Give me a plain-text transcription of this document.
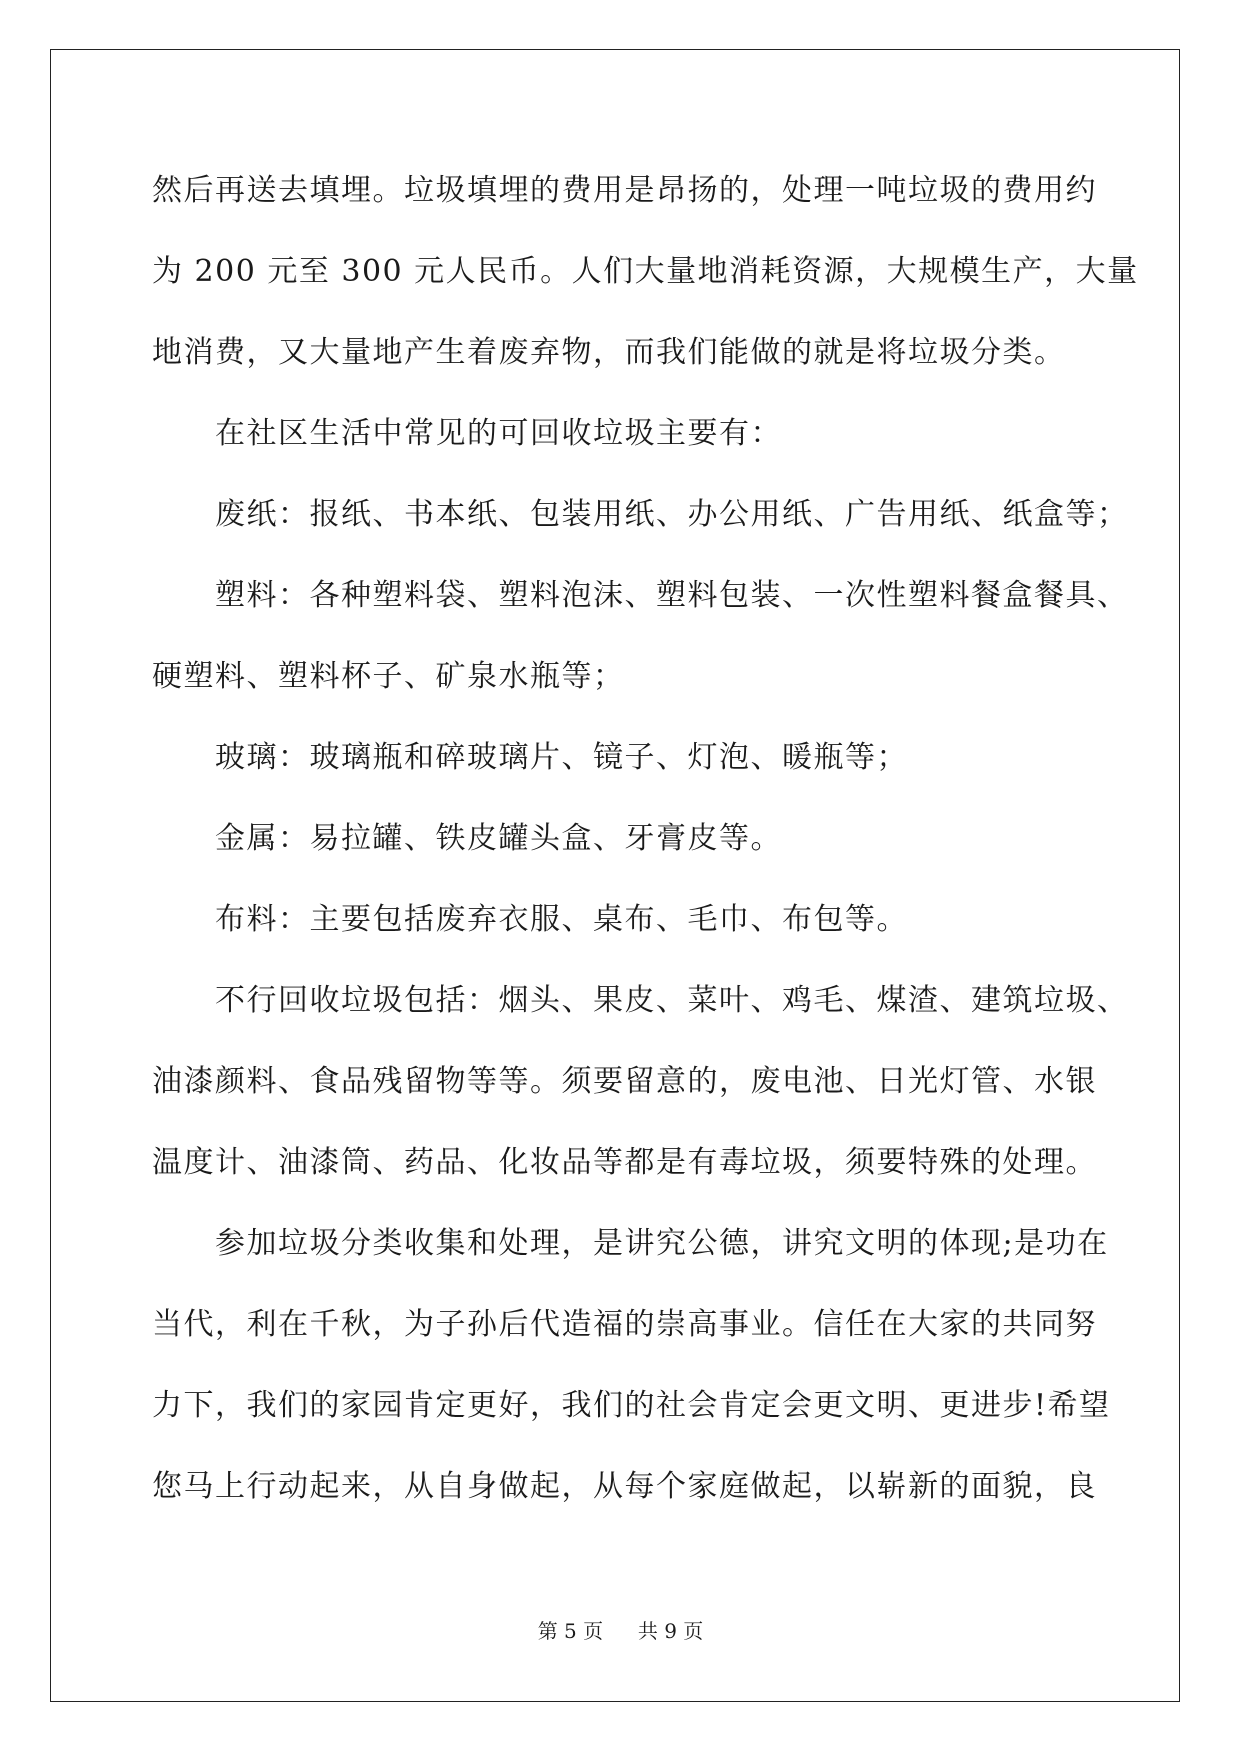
然后再送去填埋。垃圾填埋的费用是昂扬的，处理一吨垃圾的费用约
为 200 元至 300 元人民币。人们大量地消耗资源，大规模生产，大量
地消费，又大量地产生着废弃物，而我们能做的就是将垃圾分类。
在社区生活中常见的可回收垃圾主要有：
废纸：报纸、书本纸、包装用纸、办公用纸、广告用纸、纸盒等；
塑料：各种塑料袋、塑料泡沫、塑料包装、一次性塑料餐盒餐具、
硬塑料、塑料杯子、矿泉水瓶等；
玻璃：玻璃瓶和碎玻璃片、镜子、灯泡、暖瓶等；
金属：易拉罐、铁皮罐头盒、牙膏皮等。
布料：主要包括废弃衣服、桌布、毛巾、布包等。
不行回收垃圾包括：烟头、果皮、菜叶、鸡毛、煤渣、建筑垃圾、
油漆颜料、食品残留物等等。须要留意的，废电池、日光灯管、水银
温度计、油漆筒、药品、化妆品等都是有毒垃圾，须要特殊的处理。
参加垃圾分类收集和处理，是讲究公德，讲究文明的体现;是功在
当代，利在千秋，为子孙后代造福的崇高事业。信任在大家的共同努
力下，我们的家园肯定更好，我们的社会肯定会更文明、更进步!希望
您马上行动起来，从自身做起，从每个家庭做起，以崭新的面貌，良
第 5 页 共 9 页
